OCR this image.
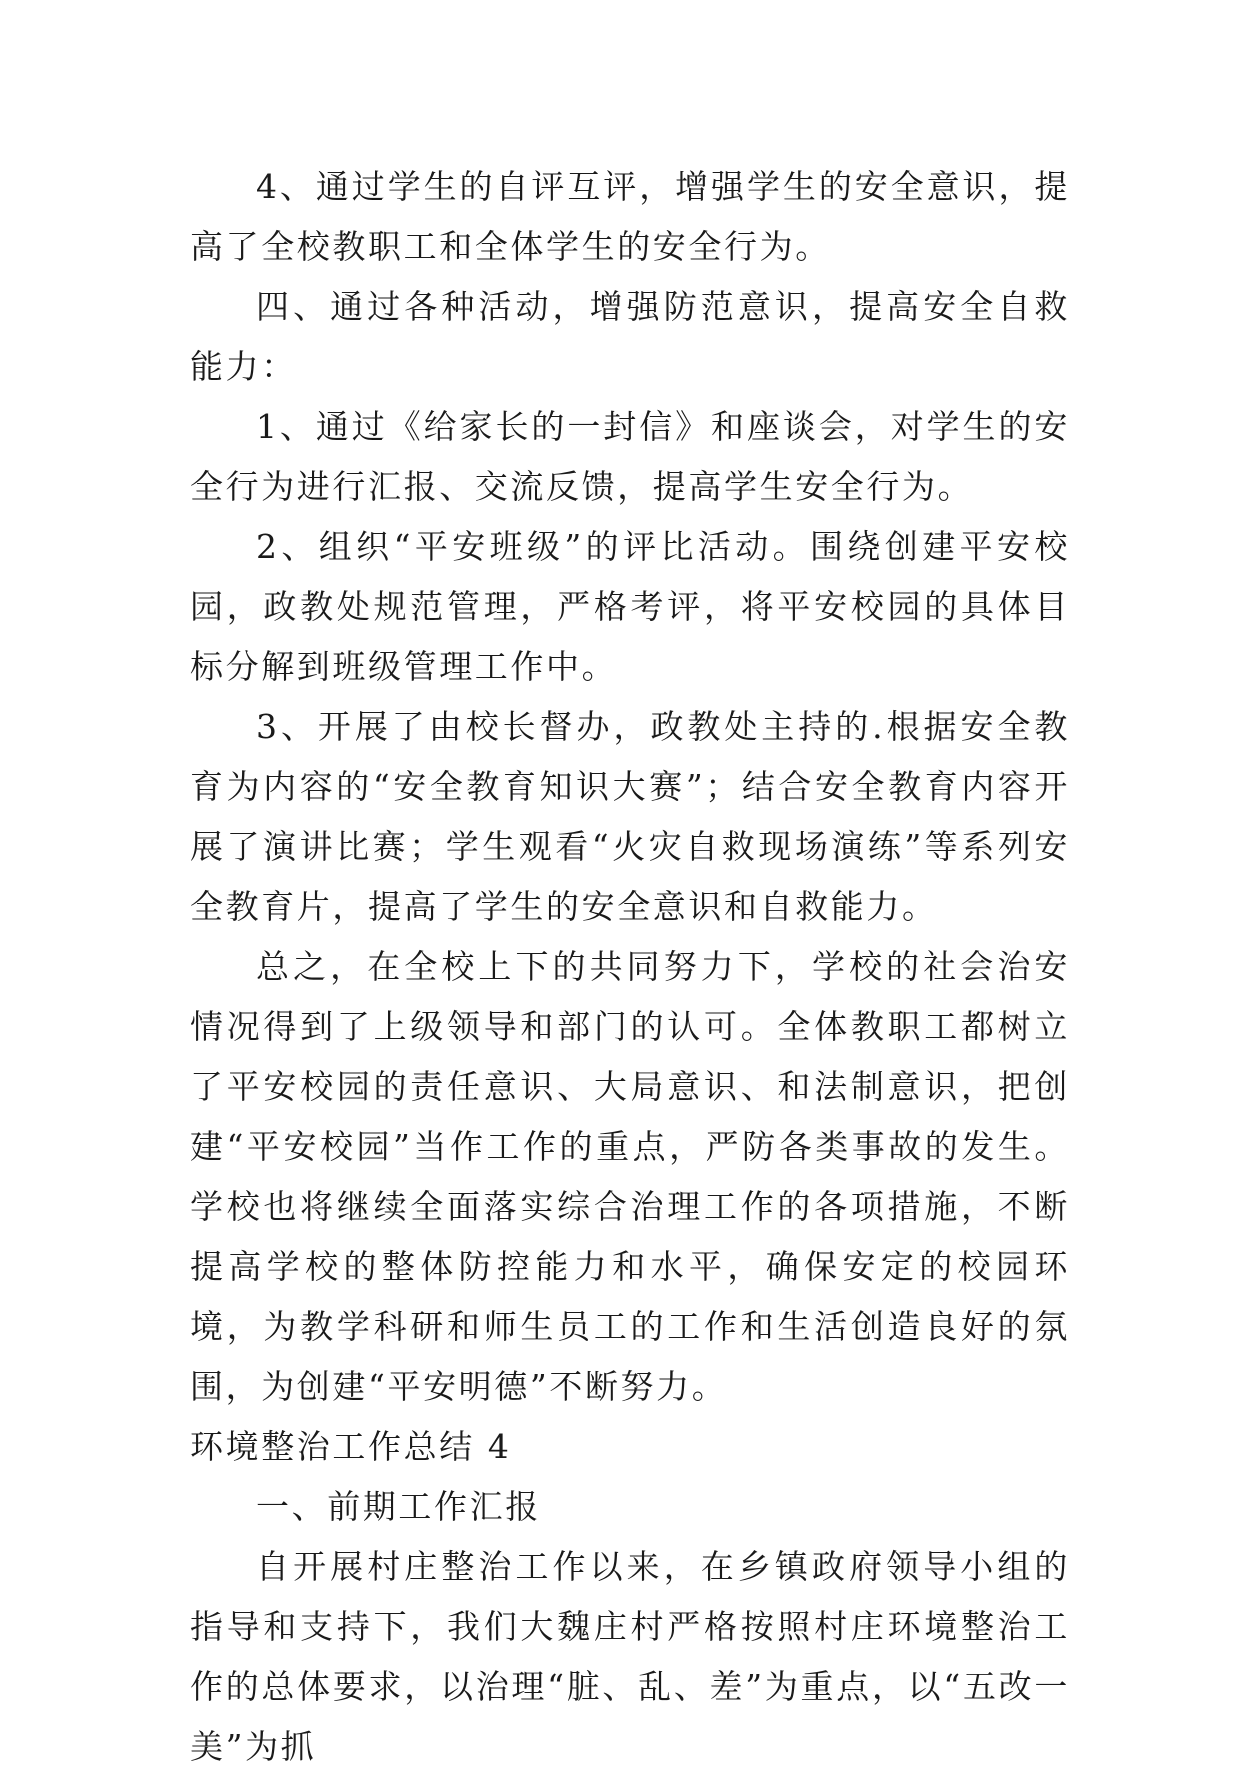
4、通过学生的自评互评，增强学生的安全意识，提高了全校教职工和全体学生的安全行为。

四、通过各种活动，增强防范意识，提高安全自救能力：

1、通过《给家长的一封信》和座谈会，对学生的安全行为进行汇报、交流反馈，提高学生安全行为。

2、组织“平安班级”的评比活动。围绕创建平安校园，政教处规范管理，严格考评，将平安校园的具体目标分解到班级管理工作中。

3、开展了由校长督办，政教处主持的.根据安全教育为内容的“安全教育知识大赛”；结合安全教育内容开展了演讲比赛；学生观看“火灾自救现场演练”等系列安全教育片，提高了学生的安全意识和自救能力。

总之，在全校上下的共同努力下，学校的社会治安情况得到了上级领导和部门的认可。全体教职工都树立了平安校园的责任意识、大局意识、和法制意识，把创建“平安校园”当作工作的重点，严防各类事故的发生。学校也将继续全面落实综合治理工作的各项措施，不断提高学校的整体防控能力和水平，确保安定的校园环境，为教学科研和师生员工的工作和生活创造良好的氛围，为创建“平安明德”不断努力。

环境整治工作总结 4

一、前期工作汇报

自开展村庄整治工作以来，在乡镇政府领导小组的指导和支持下，我们大魏庄村严格按照村庄环境整治工作的总体要求，以治理“脏、乱、差”为重点，以“五改一美”为抓
